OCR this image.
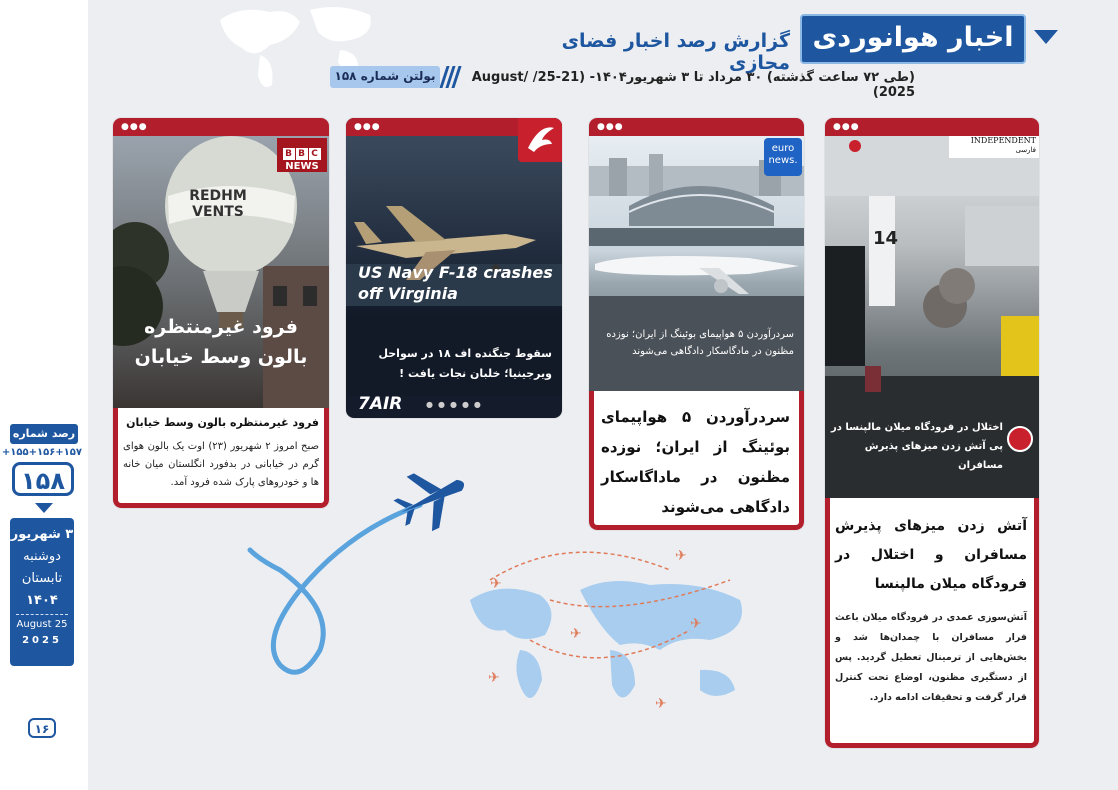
✈
✈
✈
✈
✈
✈
اخبار هوانوردی
گزارش رصد اخبار فضای مجازی
(طی ۷۲ ساعت گذشته) ۳۰ مرداد تا ۳ شهریور۱۴۰۴- (21-25/ August/ 2025)
بولتن شماره ۱۵۸
رصد شماره
۱۵۵+۱۵۶+۱۵۷+
۱۵۸
۳ شهریور
دوشنبه
تابستان
۱۴۰۴
25 August
2025
۱۶
●●●
REDHM VENTS
B B C
NEWS
فرود غیرمنتظره بالون وسط خیابان
فرود غیرمنتظره بالون وسط خیابان
صبح امروز ۲ شهریور (۲۳) اوت یک بالون هوای گرم در خیابانی در بدفورد انگلستان میان خانه ها و خودروهای پارک شده فرود آمد.
●●●
US Navy F-18 crashes off Virginia
سقوط جنگنده اف ۱۸ در سواحل ویرجینیا؛ خلبان نجات یافت !
7AIR	●●●●●
●●●
euro news.
سردرآوردن ۵ هواپیمای بوئینگ از ایران؛ نوزده مظنون در مادگاسکار دادگاهی می‌شوند
سردرآوردن ۵ هواپیمای بوئینگ از ایران؛ نوزده مظنون در ماداگاسکار دادگاهی می‌شوند
●●●
14
INDEPENDENT
فارسی
اختلال در فرودگاه میلان مالپنسا در پی آتش زدن میزهای پذیرش مسافران
آتش زدن میزهای پذیرش مسافران و اختلال در فرودگاه میلان مالپنسا
آتش‌سوزی عمدی در فرودگاه میلان باعث فرار مسافران با چمدان‌ها شد و بخش‌هایی از ترمینال تعطیل گردید. پس از دستگیری مظنون، اوضاع تحت کنترل قرار گرفت و تحقیقات ادامه دارد.
